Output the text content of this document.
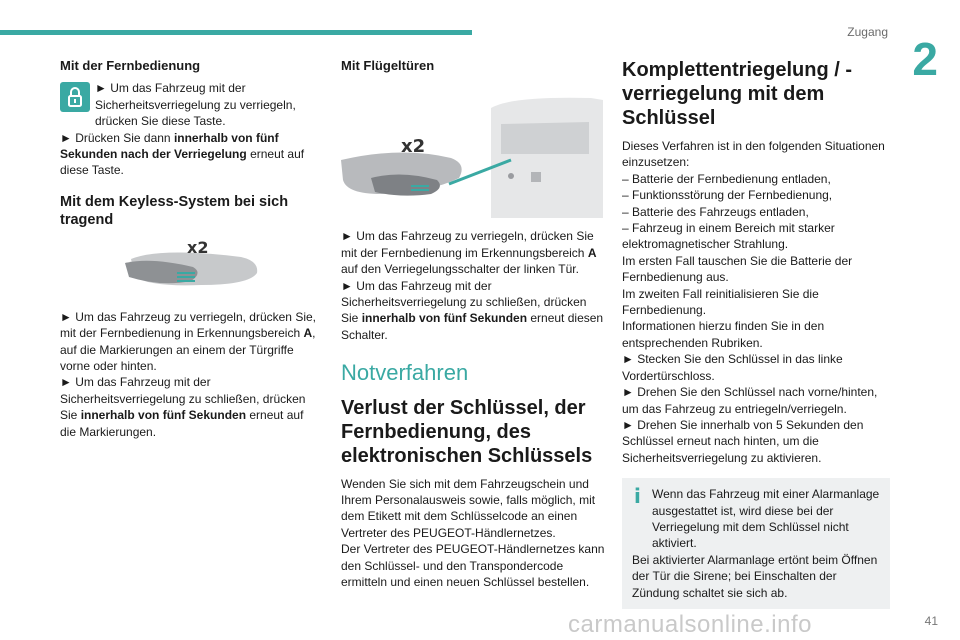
Zugang
2
Mit der Fernbedienung

► Um das Fahrzeug mit der Sicherheitsverriegelung zu verriegeln, drücken Sie diese Taste.

► Drücken Sie dann innerhalb von fünf Sekunden nach der Verriegelung erneut auf diese Taste.

Mit dem Keyless-System bei sich tragend
x2

► Um das Fahrzeug zu verriegeln, drücken Sie, mit der Fernbedienung in Erkennungsbereich A, auf die Markierungen an einem der Türgriffe vorne oder hinten.

► Um das Fahrzeug mit der Sicherheitsverriegelung zu schließen, drücken Sie innerhalb von fünf Sekunden erneut auf die Markierungen.

Mit Flügeltüren
x2

► Um das Fahrzeug zu verriegeln, drücken Sie mit der Fernbedienung im Erkennungsbereich A auf den Verriegelungsschalter der linken Tür.

► Um das Fahrzeug mit der Sicherheitsverriegelung zu schließen, drücken Sie innerhalb von fünf Sekunden erneut diesen Schalter.

Notverfahren
Verlust der Schlüssel, der Fernbedienung, des elektronischen Schlüssels

Wenden Sie sich mit dem Fahrzeugschein und Ihrem Personalausweis sowie, falls möglich, mit dem Etikett mit dem Schlüsselcode an einen Vertreter des PEUGEOT-Händlernetzes.

Der Vertreter des PEUGEOT-Händlernetzes kann den Schlüssel- und den Transpondercode ermitteln und einen neuen Schlüssel bestellen.

Komplettentriegelung / -verriegelung mit dem Schlüssel

Dieses Verfahren ist in den folgenden Situationen einzusetzen:

– Batterie der Fernbedienung entladen,

– Funktionsstörung der Fernbedienung,

– Batterie des Fahrzeugs entladen,

– Fahrzeug in einem Bereich mit starker elektromagnetischer Strahlung.

Im ersten Fall tauschen Sie die Batterie der Fernbedienung aus.

Im zweiten Fall reinitialisieren Sie die Fernbedienung.

Informationen hierzu finden Sie in den entsprechenden Rubriken.

► Stecken Sie den Schlüssel in das linke Vordertürschloss.

► Drehen Sie den Schlüssel nach vorne/hinten, um das Fahrzeug zu entriegeln/verriegeln.

► Drehen Sie innerhalb von 5 Sekunden den Schlüssel erneut nach hinten, um die Sicherheitsverriegelung zu aktivieren.

i Wenn das Fahrzeug mit einer Alarmanlage ausgestattet ist, wird diese bei der Verriegelung mit dem Schlüssel nicht aktiviert.

Bei aktivierter Alarmanlage ertönt beim Öffnen der Tür die Sirene; bei Einschalten der Zündung schaltet sie sich ab.

carmanualsonline.info	41
